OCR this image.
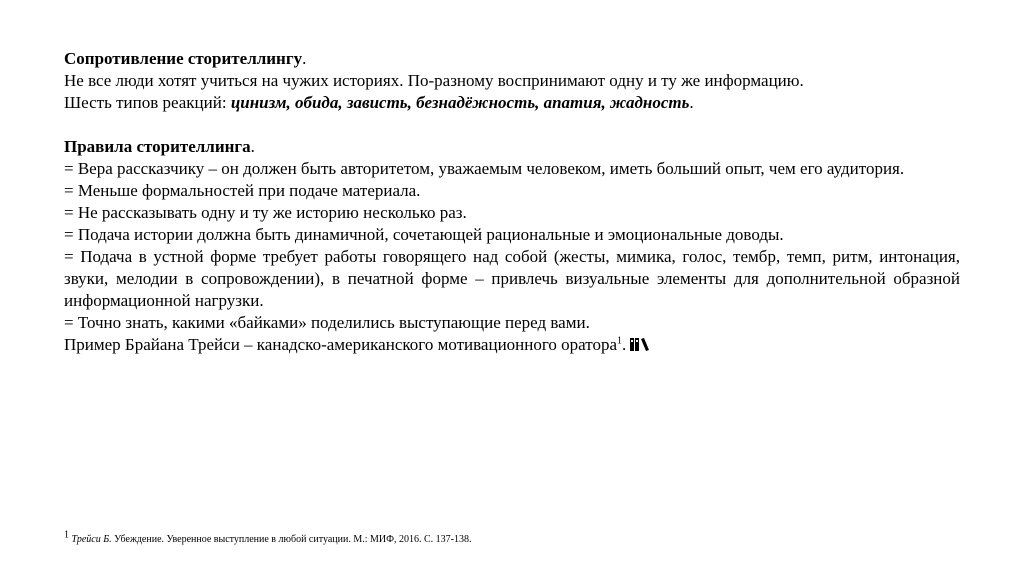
Сопротивление сторителлингу.

Не все люди хотят учиться на чужих историях. По-разному воспринимают одну и ту же информацию.

Шесть типов реакций: цинизм, обида, зависть, безнадёжность, апатия, жадность.

Правила сторителлинга.

= Вера рассказчику – он должен быть авторитетом, уважаемым человеком, иметь больший опыт, чем его аудитория.

= Меньше формальностей при подаче материала.

= Не рассказывать одну и ту же историю несколько раз.

= Подача истории должна быть динамичной, сочетающей рациональные и эмоциональные доводы.

= Подача в устной форме требует работы говорящего над собой (жесты, мимика, голос, тембр, темп, ритм, интонация, звуки, мелодии в сопровождении), в печатной форме – привлечь визуальные элементы для дополнительной образной информационной нагрузки.

= Точно знать, какими «байками» поделились выступающие перед вами.

Пример Брайана Трейси – канадско-американского мотивационного оратора$^1$.

$^1$ Трейси Б. Убеждение. Уверенное выступление в любой ситуации. М.: МИФ, 2016. С. 137-138.
